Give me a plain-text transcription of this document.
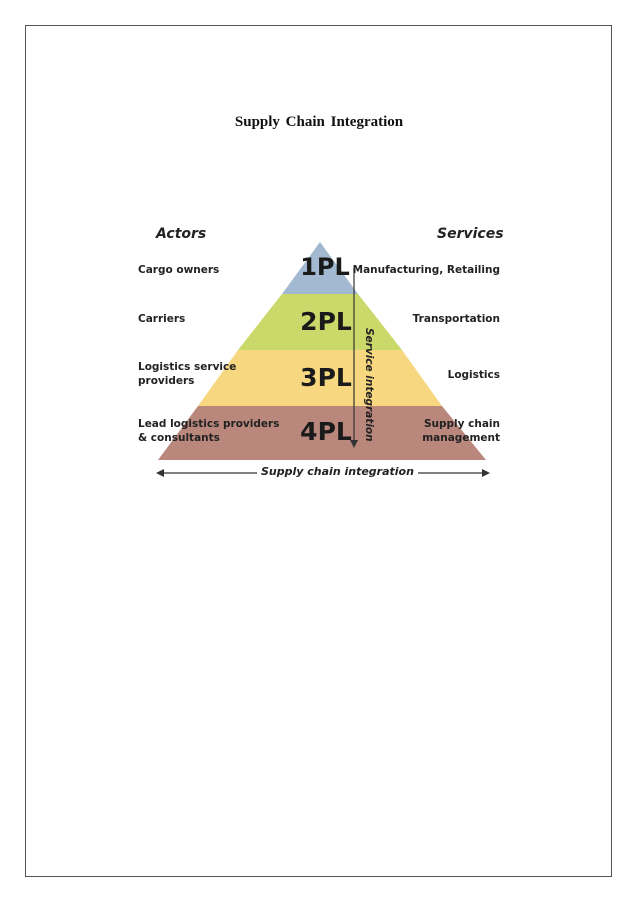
Supply Chain Integration
Actors	Services
Cargo owners
Carriers
Logistics service
providers
Lead logistics providers
& consultants
Manufacturing, Retailing
Transportation
Logistics
Supply chain
management
1PL
2PL
3PL
4PL	Service integration
Supply chain integration
